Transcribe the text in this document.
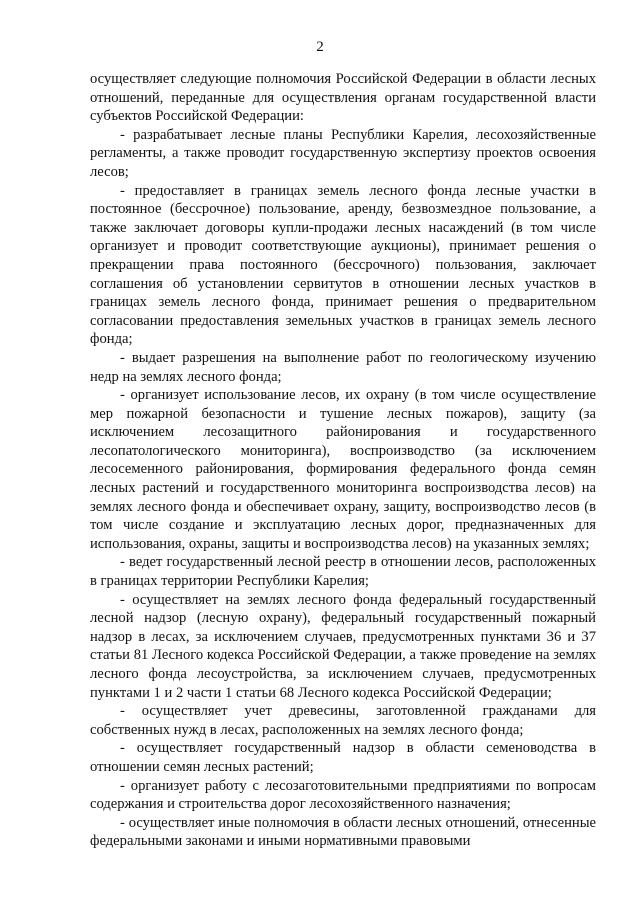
2

осуществляет следующие полномочия Российской Федерации в области лесных отношений, переданные для осуществления органам государственной власти субъектов Российской Федерации:

- разрабатывает лесные планы Республики Карелия, лесохозяйственные регламенты, а также проводит государственную экспертизу проектов освоения лесов;

- предоставляет в границах земель лесного фонда лесные участки в постоянное (бессрочное) пользование, аренду, безвозмездное пользование, а также заключает договоры купли-продажи лесных насаждений (в том числе организует и проводит соответствующие аукционы), принимает решения о прекращении права постоянного (бессрочного) пользования, заключает соглашения об установлении сервитутов в отношении лесных участков в границах земель лесного фонда, принимает решения о предварительном согласовании предоставления земельных участков в границах земель лесного фонда;

- выдает разрешения на выполнение работ по геологическому изучению недр на землях лесного фонда;

- организует использование лесов, их охрану (в том числе осуществление мер пожарной безопасности и тушение лесных пожаров), защиту (за исключением лесозащитного районирования и государственного лесопатологического мониторинга), воспроизводство (за исключением лесосеменного районирования, формирования федерального фонда семян лесных растений и государственного мониторинга воспроизводства лесов) на землях лесного фонда и обеспечивает охрану, защиту, воспроизводство лесов (в том числе создание и эксплуатацию лесных дорог, предназначенных для использования, охраны, защиты и воспроизводства лесов) на указанных землях;

- ведет государственный лесной реестр в отношении лесов, расположенных в границах территории Республики Карелия;

- осуществляет на землях лесного фонда федеральный государственный лесной надзор (лесную охрану), федеральный государственный пожарный надзор в лесах, за исключением случаев, предусмотренных пунктами 36 и 37 статьи 81 Лесного кодекса Российской Федерации, а также проведение на землях лесного фонда лесоустройства, за исключением случаев, предусмотренных пунктами 1 и 2 части 1 статьи 68 Лесного кодекса Российской Федерации;

- осуществляет учет древесины, заготовленной гражданами для собственных нужд в лесах, расположенных на землях лесного фонда;

- осуществляет государственный надзор в области семеноводства в отношении семян лесных растений;

- организует работу с лесозаготовительными предприятиями по вопросам содержания и строительства дорог лесохозяйственного назначения;

- осуществляет иные полномочия в области лесных отношений, отнесенные федеральными законами и иными нормативными правовыми
